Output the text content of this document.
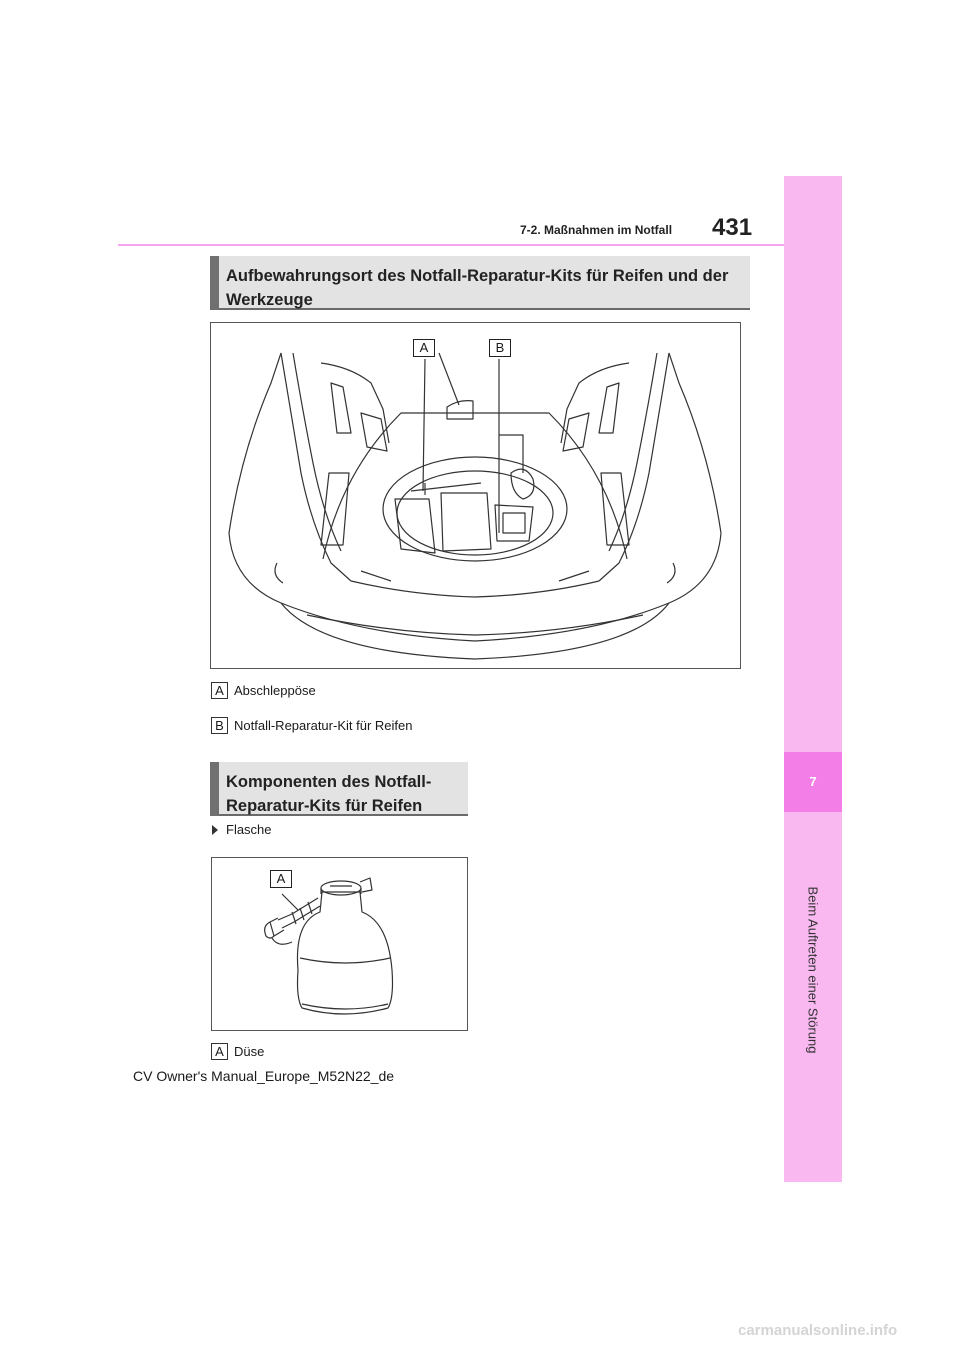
7
Beim Auftreten einer Störung
7-2. Maßnahmen im Notfall 431
Aufbewahrungsort des Notfall-Reparatur-Kits für Reifen und der Werkzeuge
A	B
A Abschleppöse
B Notfall-Reparatur-Kit für Reifen
Komponenten des Notfall-Reparatur-Kits für Reifen
Flasche
A
A Düse
CV Owner's Manual_Europe_M52N22_de
carmanualsonline.info
